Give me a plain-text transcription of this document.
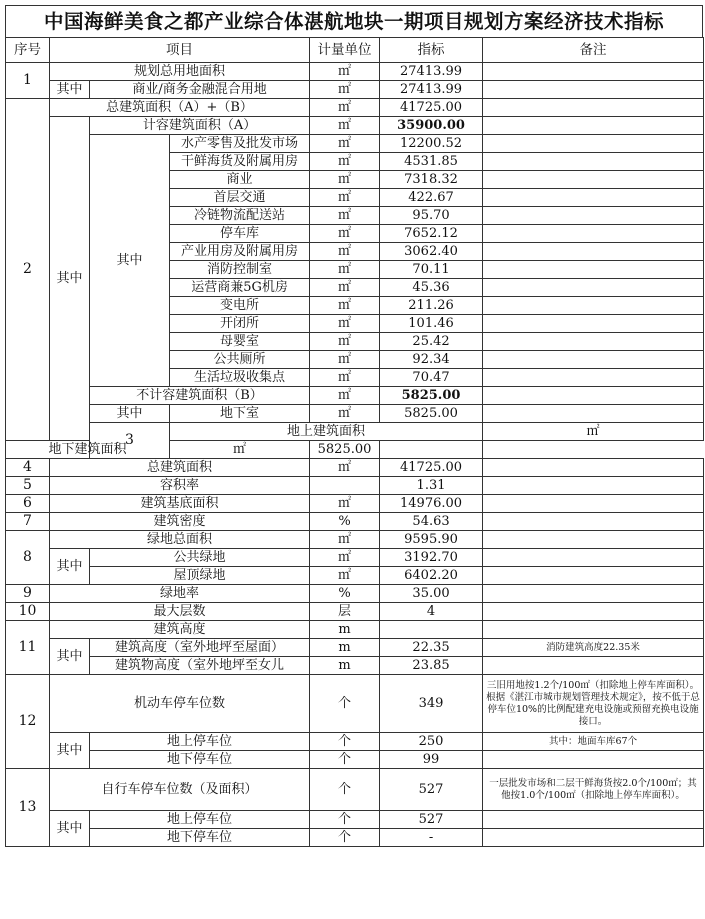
中国海鲜美食之都产业综合体湛航地块一期项目规划方案经济技术指标
序号	项目			计量单位	指标	备注	
1	规划总用地面积			㎡	27413.99		
	其中	商业/商务金融混合用地		㎡	27413.99		
2	总建筑面积（A）+（B）			㎡	41725.00		
	其中	计容建筑面积（A）		㎡	35900.00		
		其中	水产零售及批发市场	㎡	12200.52		
			干鲜海货及附属用房	㎡	4531.85		
			商业	㎡	7318.32		
			首层交通	㎡	422.67		
			冷链物流配送站	㎡	95.70		
			停车库	㎡	7652.12		
			产业用房及附属用房	㎡	3062.40		
			消防控制室	㎡	70.11		
			运营商兼5G机房	㎡	45.36		
			变电所	㎡	211.26		
			开闭所	㎡	101.46		
			母婴室	㎡	25.42		
			公共厕所	㎡	92.34		
			生活垃圾收集点	㎡	70.47		
		不计容建筑面积（B）		㎡	5825.00		
		其中	地下室	㎡	5825.00		
		3	地上建筑面积			㎡		
地下建筑面积			㎡	5825.00			
4	总建筑面积			㎡	41725.00		
5	容积率				1.31		
6	建筑基底面积			㎡	14976.00		
7	建筑密度			%	54.63		
8	绿地总面积			㎡	9595.90		
	其中	公共绿地		㎡	3192.70		
		屋顶绿地		㎡	6402.20		
9	绿地率			%	35.00		
10	最大层数			层	4		
11	建筑高度			m			
	其中	建筑高度（室外地坪至屋面）		m	22.35	消防建筑高度22.35米	
		建筑物高度（室外地坪至女儿		m	23.85		
12	机动车停车位数			个	349	三旧用地按1.2个/100㎡（扣除地上停车库面积）。根据《湛江市城市规划管理技术规定》，按不低于总停车位10%的比例配建充电设施或预留充换电设施接口。	
	其中	地上停车位		个	250	其中：地面车库67个	
		地下停车位		个	99		
13	自行车停车位数（及面积）			个	527	一层批发市场和二层干鲜海货按2.0个/100㎡；其他按1.0个/100㎡（扣除地上停车库面积）。	
	其中	地上停车位		个	527		
		地下停车位		个	-		
